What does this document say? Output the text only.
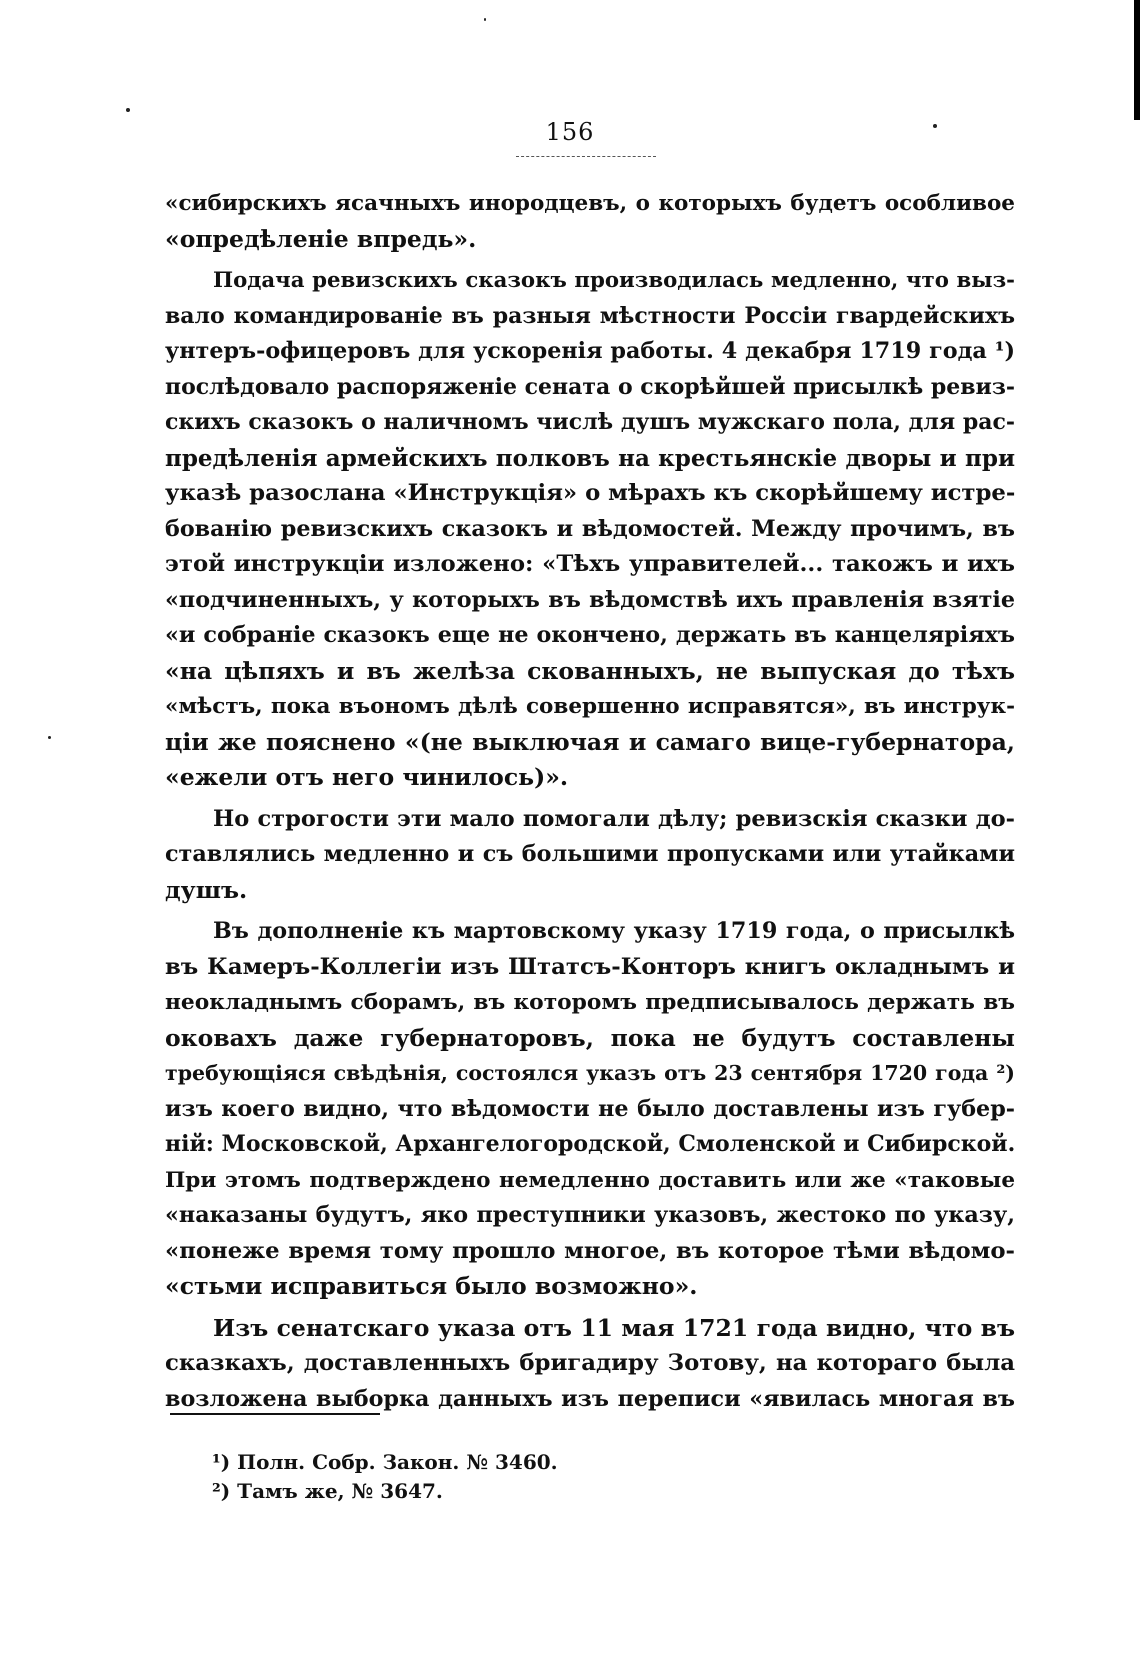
156
«сибирскихъ ясачныхъ инородцевъ, о которыхъ будетъ особливое
«опредѣленіе впредь».
Подача ревизскихъ сказокъ производилась медленно, что выз-
вало командированіе въ разныя мѣстности Россіи гвардейскихъ
унтеръ-офицеровъ для ускоренія работы. 4 декабря 1719 года ¹)
послѣдовало распоряженіе сената о скорѣйшей присылкѣ ревиз-
скихъ сказокъ о наличномъ числѣ душъ мужскаго пола, для рас-
предѣленія армейскихъ полковъ на крестьянскіе дворы и при
указѣ разослана «Инструкція» о мѣрахъ къ скорѣйшему истре-
бованію ревизскихъ сказокъ и вѣдомостей. Между прочимъ, въ
этой инструкціи изложено: «Тѣхъ управителей... такожъ и ихъ
«подчиненныхъ, у которыхъ въ вѣдомствѣ ихъ правленія взятіе
«и собраніе сказокъ еще не окончено, держать въ канцеляріяхъ
«на цѣпяхъ и въ желѣза скованныхъ, не выпуская до тѣхъ
«мѣстъ, пока въономъ дѣлѣ совершенно исправятся», въ инструк-
ціи же пояснено «(не выключая и самаго вице-губернатора,
«ежели отъ него чинилось)».
Но строгости эти мало помогали дѣлу; ревизскія сказки до-
ставлялись медленно и съ большими пропусками или утайками
душъ.
Въ дополненіе къ мартовскому указу 1719 года, о присылкѣ
въ Камеръ-Коллегіи изъ Штатсъ-Конторъ книгъ окладнымъ и
неокладнымъ сборамъ, въ которомъ предписывалось держать въ
оковахъ даже губернаторовъ, пока не будутъ составлены
требующіяся свѣдѣнія, состоялся указъ отъ 23 сентября 1720 года ²)
изъ коего видно, что вѣдомости не было доставлены изъ губер-
ній: Московской, Архангелогородской, Смоленской и Сибирской.
При этомъ подтверждено немедленно доставить или же «таковые
«наказаны будутъ, яко преступники указовъ, жестоко по указу,
«понеже время тому прошло многое, въ которое тѣми вѣдомо-
«стьми исправиться было возможно».
Изъ сенатскаго указа отъ 11 мая 1721 года видно, что въ
сказкахъ, доставленныхъ бригадиру Зотову, на котораго была
возложена выборка данныхъ изъ переписи «явилась многая въ
¹) Полн. Собр. Закон. № 3460.
²) Тамъ же, № 3647.
